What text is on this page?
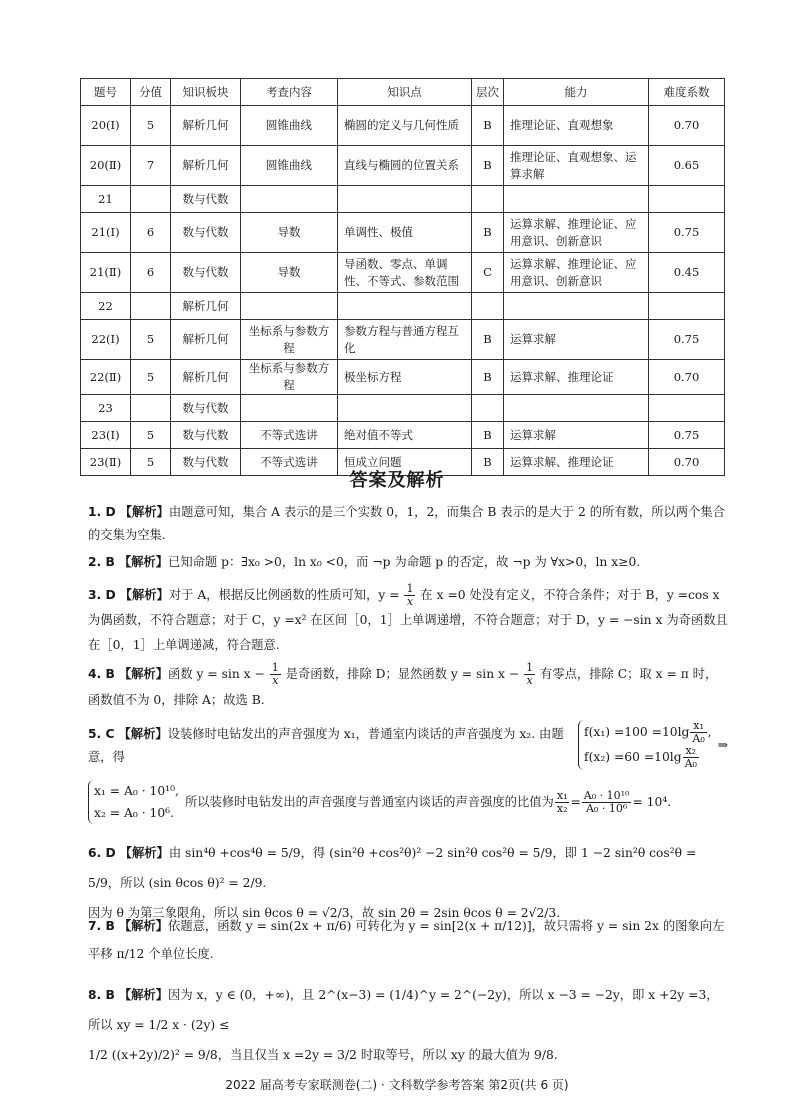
题号	分值	知识板块	考查内容	知识点	层次	能力	难度系数
20(Ⅰ)	5	解析几何	圆锥曲线	椭圆的定义与几何性质	B	推理论证、直观想象	0.70
20(Ⅱ)	7	解析几何	圆锥曲线	直线与椭圆的位置关系	B	推理论证、直观想象、运算求解	0.65
21		数与代数					
21(Ⅰ)	6	数与代数	导数	单调性、极值	B	运算求解、推理论证、应用意识、创新意识	0.75
21(Ⅱ)	6	数与代数	导数	导函数、零点、单调性、不等式、参数范围	C	运算求解、推理论证、应用意识、创新意识	0.45
22		解析几何					
22(Ⅰ)	5	解析几何	坐标系与参数方程	参数方程与普通方程互化	B	运算求解	0.75
22(Ⅱ)	5	解析几何	坐标系与参数方程	极坐标方程	B	运算求解、推理论证	0.70
23		数与代数					
23(Ⅰ)	5	数与代数	不等式选讲	绝对值不等式	B	运算求解	0.75
23(Ⅱ)	5	数与代数	不等式选讲	恒成立问题	B	运算求解、推理论证	0.70
答案及解析
1. D 【解析】由题意可知，集合 A 表示的是三个实数 0，1，2，而集合 B 表示的是大于 2 的所有数，所以两个集合的交集为空集.
2. B 【解析】已知命题 p：∃x₀ >0，ln x₀ <0，而 ¬p 为命题 p 的否定，故 ¬p 为 ∀x>0，ln x≥0.
3. D 【解析】对于 A，根据反比例函数的性质可知，$y = \frac{1}{x}$ 在 x =0 处没有定义，不符合条件；对于 B，y =cos x 为偶函数，不符合题意；对于 C，y =x² 在区间［0，1］上单调递增，不符合题意；对于 D，y = −sin x 为奇函数且在［0，1］上单调递减，符合题意.
4. B 【解析】函数 $y = \sin x - \frac{1}{x}$ 是奇函数，排除 D；显然函数 $y = \sin x - \frac{1}{x}$ 有零点，排除 C；取 x = π 时，函数值不为 0，排除 A；故选 B.
5. C 【解析】设装修时电钻发出的声音强度为 x₁，普通室内谈话的声音强度为 x₂. 由题意，得
$f(x_1) =100 =10\lg \frac{\text{x₁}}{\text{A₀}}$ ,
$f(x_2) =60 =10\lg \frac{\text{x₂}}{\text{A₀}}$
⇒
x₁ = A₀ · 10¹⁰,
x₂ = A₀ · 10⁶.
所以装修时电钻发出的声音强度与普通室内谈话的声音强度的比值为 $\frac{\text{x₁}}{\text{x₂}} = \frac{\text{A₀ · 10¹⁰}}{\text{A₀ · 10⁶}} = 10^4$.
6. D 【解析】由 sin⁴θ +cos⁴θ = 5/9，得 (sin²θ +cos²θ)² −2 sin²θ cos²θ = 5/9，即 1 −2 sin²θ cos²θ = 5/9，所以 (sin θcos θ)² = 2/9.
因为 θ 为第三象限角，所以 sin θcos θ = √2/3，故 sin 2θ = 2sin θcos θ = 2√2/3.
7. B 【解析】依题意，函数 y = sin(2x + π/6) 可转化为 y = sin[2(x + π/12)]，故只需将 y = sin 2x 的图象向左平移 π/12 个单位长度.
8. B 【解析】因为 x，y ∈ (0，+∞)，且 2^(x−3) = (1/4)^y = 2^(−2y)，所以 x −3 = −2y，即 x +2y =3，所以 xy = 1/2 x · (2y) ≤
1/2 ((x+2y)/2)² = 9/8，当且仅当 x =2y = 3/2 时取等号，所以 xy 的最大值为 9/8.
2022 届高考专家联测卷(二) · 文科数学参考答案 第2页(共 6 页)
